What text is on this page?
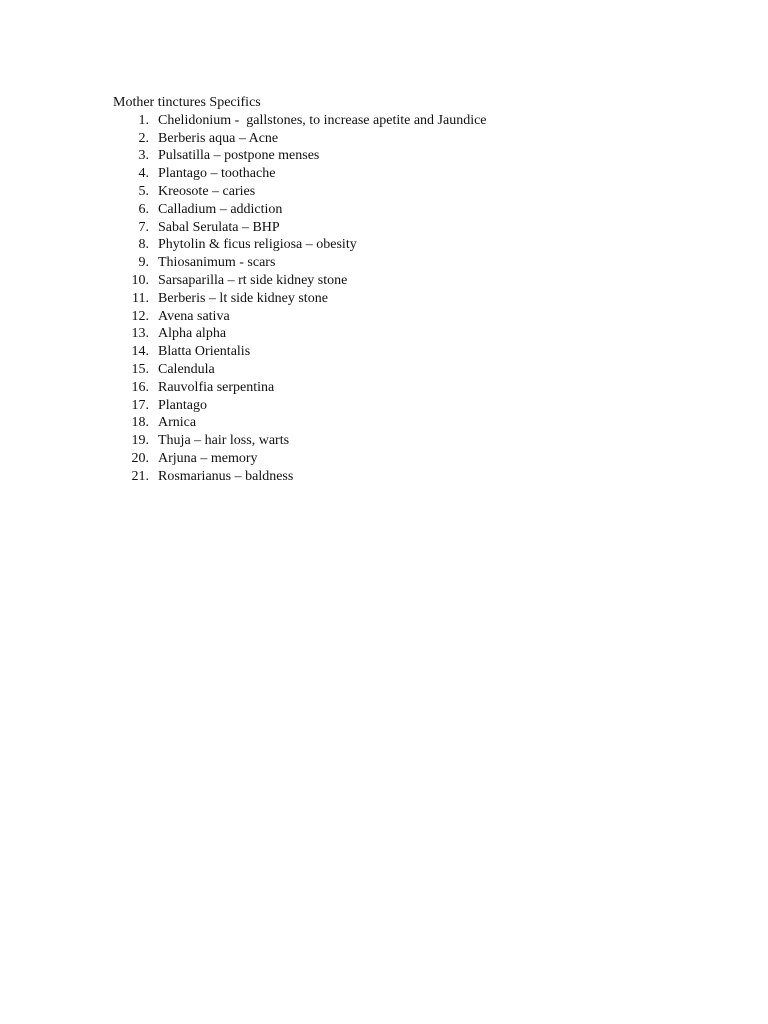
Mother tinctures Specifics
1. Chelidonium -  gallstones, to increase apetite and Jaundice
2. Berberis aqua – Acne
3. Pulsatilla – postpone menses
4. Plantago – toothache
5. Kreosote – caries
6. Calladium – addiction
7. Sabal Serulata – BHP
8. Phytolin & ficus religiosa – obesity
9. Thiosanimum - scars
10. Sarsaparilla – rt side kidney stone
11. Berberis – lt side kidney stone
12. Avena sativa
13. Alpha alpha
14. Blatta Orientalis
15. Calendula
16. Rauvolfia serpentina
17. Plantago
18. Arnica
19. Thuja – hair loss, warts
20. Arjuna – memory
21. Rosmarianus – baldness
